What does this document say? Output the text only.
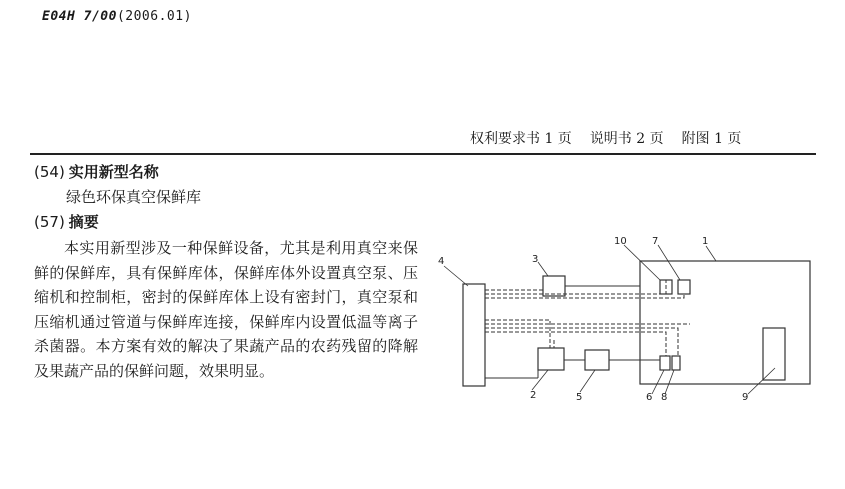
E04H 7/00(2006.01)
权利要求书 1 页 说明书 2 页 附图 1 页
(54) 实用新型名称
绿色环保真空保鲜库
(57) 摘要
本实用新型涉及一种保鲜设备，尤其是利用真空来保鲜的保鲜库，具有保鲜库体，保鲜库体外设置真空泵、压缩机和控制柜，密封的保鲜库体上设有密封门，真空泵和压缩机通过管道与保鲜库连接，保鲜库内设置低温等离子杀菌器。本方案有效的解决了果蔬产品的农药残留的降解及果蔬产品的保鲜问题，效果明显。
1
2
3
4
5	6
7
8	9
10
